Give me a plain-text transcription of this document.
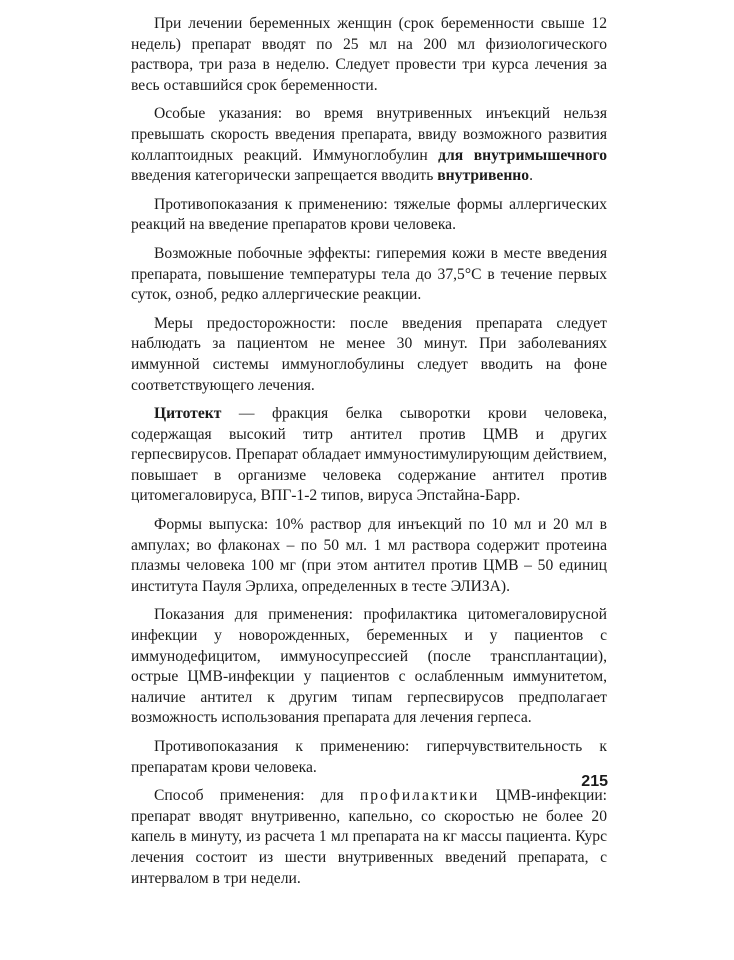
При лечении беременных женщин (срок беременности свыше 12 недель) препарат вводят по 25 мл на 200 мл физиологического раствора, три раза в неделю. Следует провести три курса лечения за весь оставшийся срок беременности.

Особые указания: во время внутривенных инъекций нельзя превышать скорость введения препарата, ввиду возможного развития коллаптоидных реакций. Иммуноглобулин для внутримышечного введения категорически запрещается вводить внутривенно.

Противопоказания к применению: тяжелые формы аллергических реакций на введение препаратов крови человека.

Возможные побочные эффекты: гиперемия кожи в месте введения препарата, повышение температуры тела до 37,5°С в течение первых суток, озноб, редко аллергические реакции.

Меры предосторожности: после введения препарата следует наблюдать за пациентом не менее 30 минут. При заболеваниях иммунной системы иммуноглобулины следует вводить на фоне соответствующего лечения.

Цитотект — фракция белка сыворотки крови человека, содержащая высокий титр антител против ЦМВ и других герпесвирусов. Препарат обладает иммуностимулирующим действием, повышает в организме человека содержание антител против цитомегаловируса, ВПГ-1-2 типов, вируса Эпстайна-Барр.

Формы выпуска: 10% раствор для инъекций по 10 мл и 20 мл в ампулах; во флаконах – по 50 мл. 1 мл раствора содержит протеина плазмы человека 100 мг (при этом антител против ЦМВ – 50 единиц института Пауля Эрлиха, определенных в тесте ЭЛИЗА).

Показания для применения: профилактика цитомегаловирусной инфекции у новорожденных, беременных и у пациентов с иммунодефицитом, иммуносупрессией (после трансплантации), острые ЦМВ-инфекции у пациентов с ослабленным иммунитетом, наличие антител к другим типам герпесвирусов предполагает возможность использования препарата для лечения герпеса.

Противопоказания к применению: гиперчувствительность к препаратам крови человека.

Способ применения: для профилактики ЦМВ-инфекции: препарат вводят внутривенно, капельно, со скоростью не более 20 капель в минуту, из расчета 1 мл препарата на кг массы пациента. Курс лечения состоит из шести внутривенных введений препарата, с интервалом в три недели.

215
